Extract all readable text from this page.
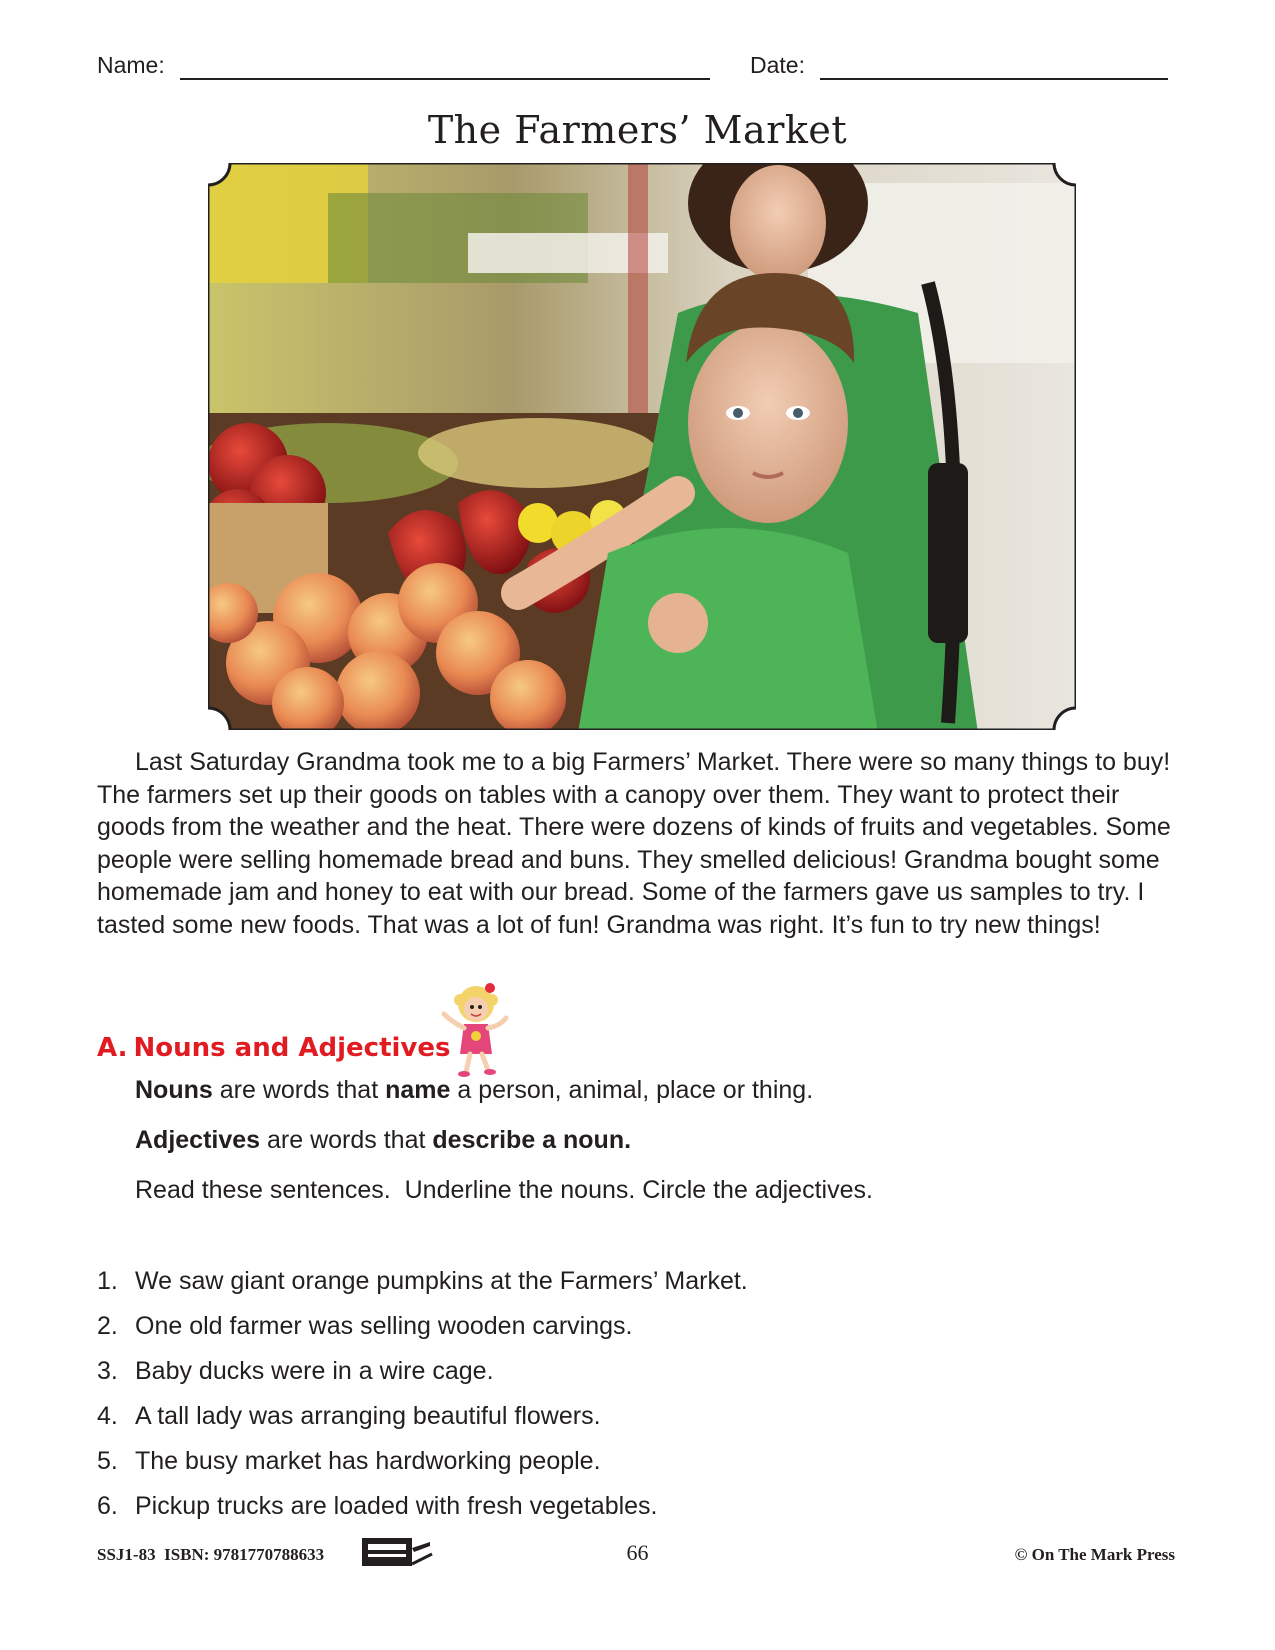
Name:	Date:
The Farmers’ Market

Last Saturday Grandma took me to a big Farmers’ Market. There were so many things to buy! The farmers set up their goods on tables with a canopy over them. They want to protect their goods from the weather and the heat. There were dozens of kinds of fruits and vegetables. Some people were selling homemade bread and buns. They smelled delicious! Grandma bought some homemade jam and honey to eat with our bread. Some of the farmers gave us samples to try. I tasted some new foods. That was a lot of fun! Grandma was right. It’s fun to try new things!

A. Nouns and Adjectives
Nouns are words that name a person, animal, place or thing.
Adjectives are words that describe a noun.
Read these sentences.  Underline the nouns. Circle the adjectives.
1. We saw giant orange pumpkins at the Farmers’ Market.
2. One old farmer was selling wooden carvings.
3. Baby ducks were in a wire cage.
4. A tall lady was arranging beautiful flowers.
5. The busy market has hardworking people.
6. Pickup trucks are loaded with fresh vegetables.
SSJ1-83 ISBN: 9781770788633	66	© On The Mark Press
